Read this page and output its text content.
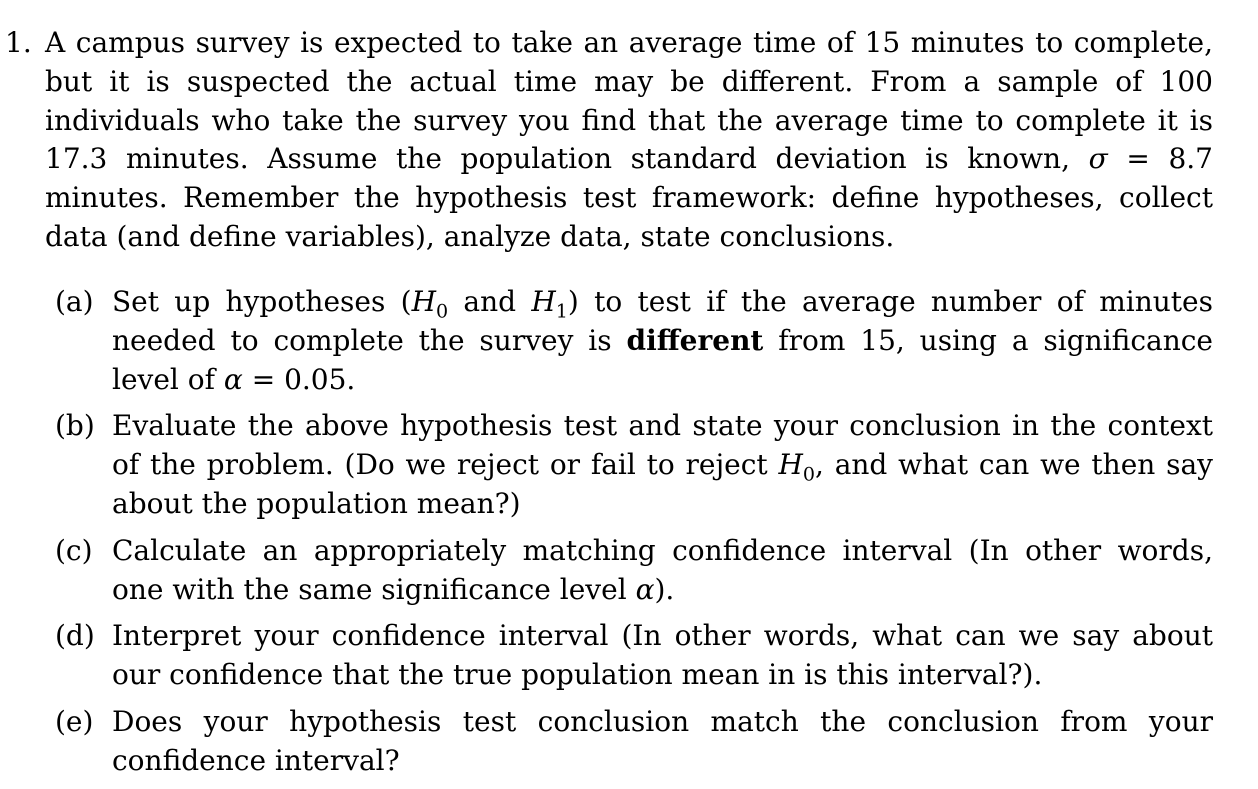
1. A campus survey is expected to take an average time of 15 minutes to complete, but it is suspected the actual time may be different. From a sample of 100 individuals who take the survey you find that the average time to complete it is 17.3 minutes. Assume the population standard deviation is known, σ = 8.7 minutes. Remember the hypothesis test framework: define hypotheses, collect data (and define variables), analyze data, state conclusions.
(a) Set up hypotheses ($H_0$ and $H_1$) to test if the average number of minutes needed to complete the survey is different from 15, using a significance level of α = 0.05.
(b) Evaluate the above hypothesis test and state your conclusion in the context of the problem. (Do we reject or fail to reject $H_0$, and what can we then say about the population mean?)
(c) Calculate an appropriately matching confidence interval (In other words, one with the same significance level α).
(d) Interpret your confidence interval (In other words, what can we say about our confidence that the true population mean in is this interval?).
(e) Does your hypothesis test conclusion match the conclusion from your confidence interval?
